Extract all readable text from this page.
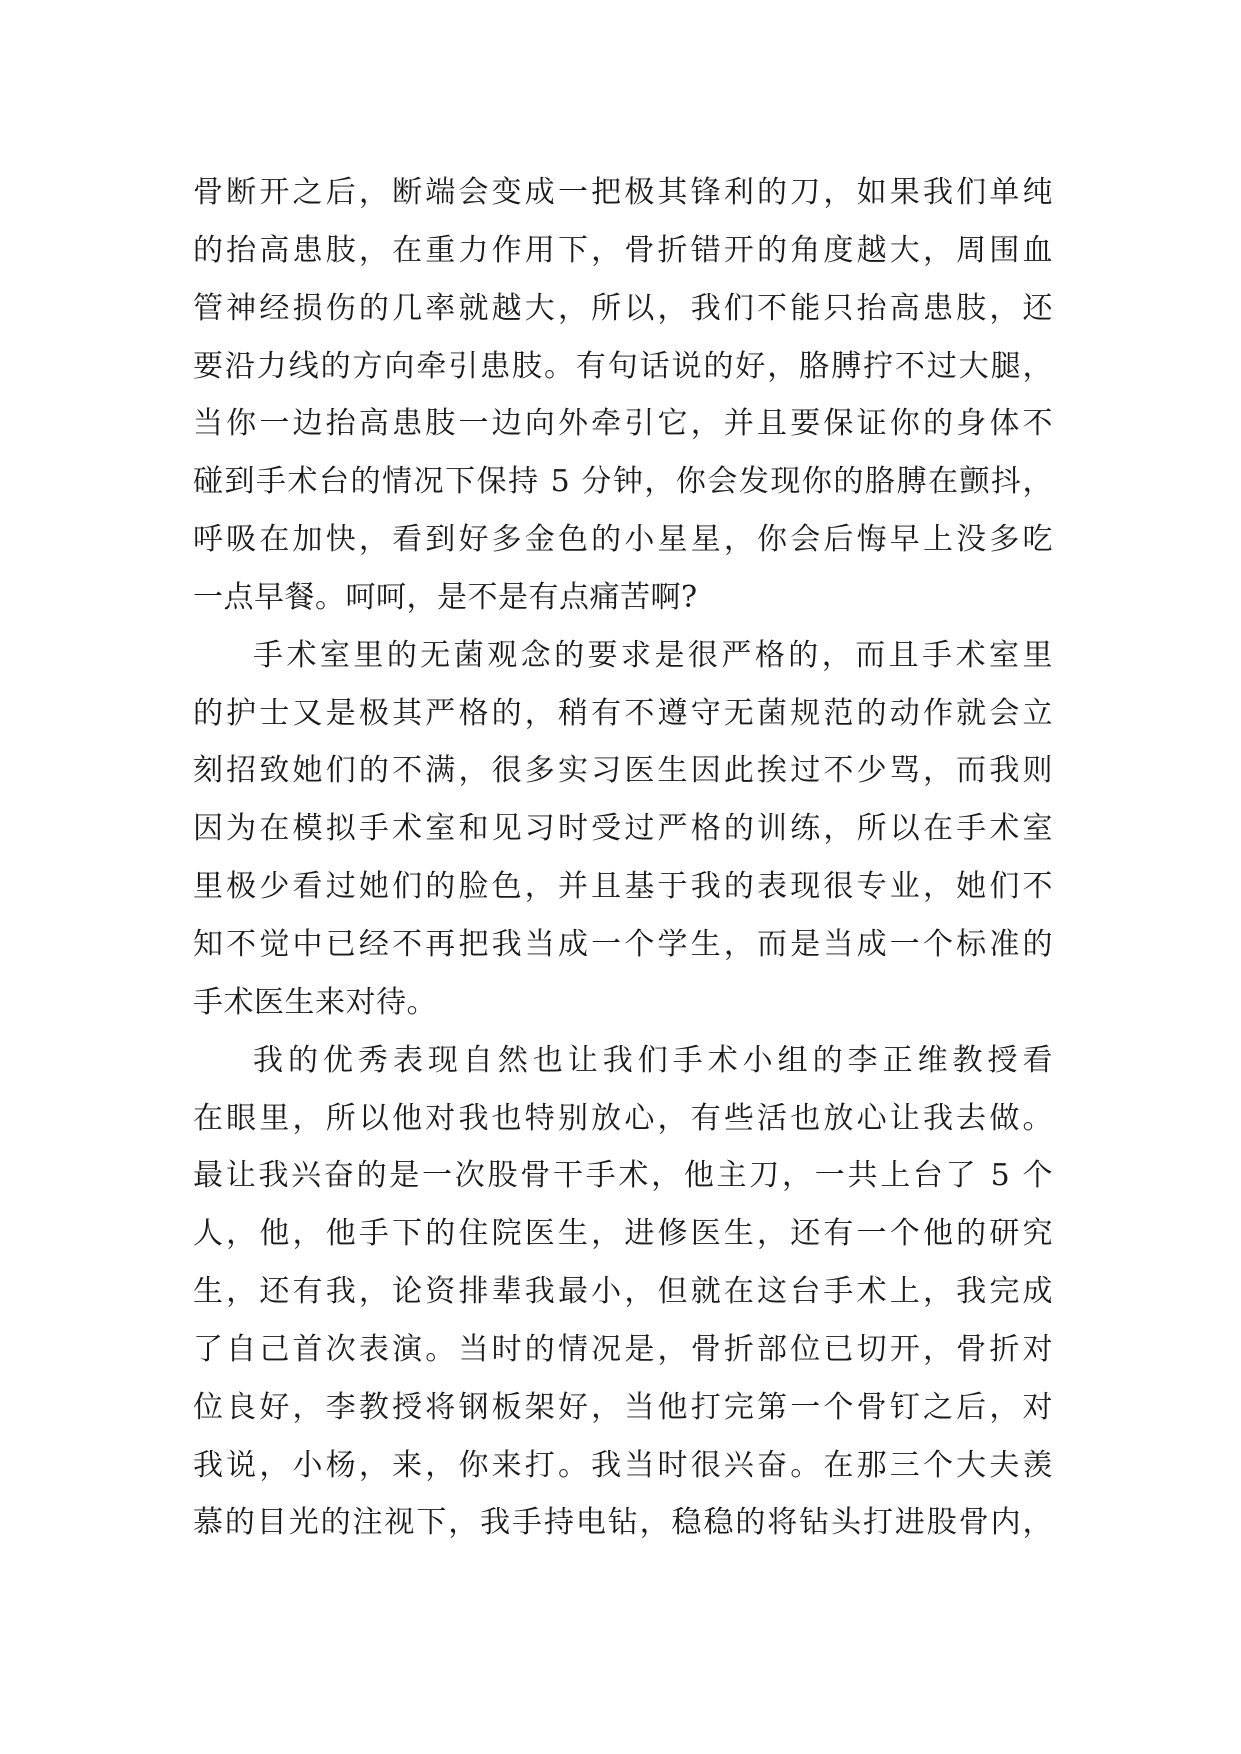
骨断开之后，断端会变成一把极其锋利的刀，如果我们单纯
的抬高患肢，在重力作用下，骨折错开的角度越大，周围血
管神经损伤的几率就越大，所以，我们不能只抬高患肢，还
要沿力线的方向牵引患肢。有句话说的好，胳膊拧不过大腿，
当你一边抬高患肢一边向外牵引它，并且要保证你的身体不
碰到手术台的情况下保持 5 分钟，你会发现你的胳膊在颤抖，
呼吸在加快，看到好多金色的小星星，你会后悔早上没多吃
一点早餐。呵呵，是不是有点痛苦啊?
手术室里的无菌观念的要求是很严格的，而且手术室里
的护士又是极其严格的，稍有不遵守无菌规范的动作就会立
刻招致她们的不满，很多实习医生因此挨过不少骂，而我则
因为在模拟手术室和见习时受过严格的训练，所以在手术室
里极少看过她们的脸色，并且基于我的表现很专业，她们不
知不觉中已经不再把我当成一个学生，而是当成一个标准的
手术医生来对待。
我的优秀表现自然也让我们手术小组的李正维教授看
在眼里，所以他对我也特别放心，有些活也放心让我去做。
最让我兴奋的是一次股骨干手术，他主刀，一共上台了 5 个
人，他，他手下的住院医生，进修医生，还有一个他的研究
生，还有我，论资排辈我最小，但就在这台手术上，我完成
了自己首次表演。当时的情况是，骨折部位已切开，骨折对
位良好，李教授将钢板架好，当他打完第一个骨钉之后，对
我说，小杨，来，你来打。我当时很兴奋。在那三个大夫羡
慕的目光的注视下，我手持电钻，稳稳的将钻头打进股骨内，
